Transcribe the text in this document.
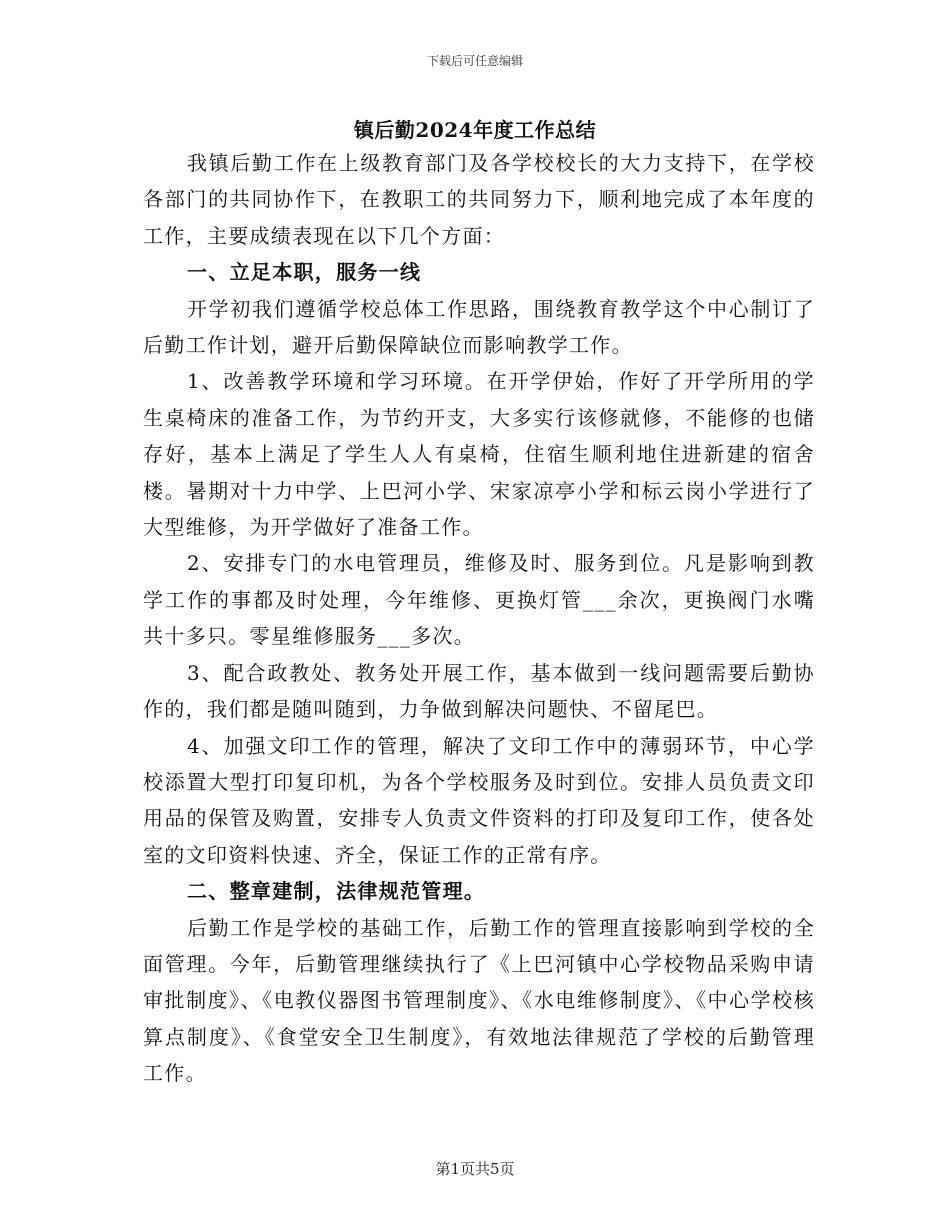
下载后可任意编辑
镇后勤2024年度工作总结

我镇后勤工作在上级教育部门及各学校校长的大力支持下，在学校各部门的共同协作下，在教职工的共同努力下，顺利地完成了本年度的工作，主要成绩表现在以下几个方面：

一、立足本职，服务一线

开学初我们遵循学校总体工作思路，围绕教育教学这个中心制订了后勤工作计划，避开后勤保障缺位而影响教学工作。

1、改善教学环境和学习环境。在开学伊始，作好了开学所用的学生桌椅床的准备工作，为节约开支，大多实行该修就修，不能修的也储存好，基本上满足了学生人人有桌椅，住宿生顺利地住进新建的宿舍楼。暑期对十力中学、上巴河小学、宋家凉亭小学和标云岗小学进行了大型维修，为开学做好了准备工作。

2、安排专门的水电管理员，维修及时、服务到位。凡是影响到教学工作的事都及时处理，今年维修、更换灯管___余次，更换阀门水嘴共十多只。零星维修服务___多次。

3、配合政教处、教务处开展工作，基本做到一线问题需要后勤协作的，我们都是随叫随到，力争做到解决问题快、不留尾巴。

4、加强文印工作的管理，解决了文印工作中的薄弱环节，中心学校添置大型打印复印机，为各个学校服务及时到位。安排人员负责文印用品的保管及购置，安排专人负责文件资料的打印及复印工作，使各处室的文印资料快速、齐全，保证工作的正常有序。

二、整章建制，法律规范管理。

后勤工作是学校的基础工作，后勤工作的管理直接影响到学校的全面管理。今年，后勤管理继续执行了《上巴河镇中心学校物品采购申请审批制度》、《电教仪器图书管理制度》、《水电维修制度》、《中心学校核算点制度》、《食堂安全卫生制度》，有效地法律规范了学校的后勤管理工作。

第1页共5页
